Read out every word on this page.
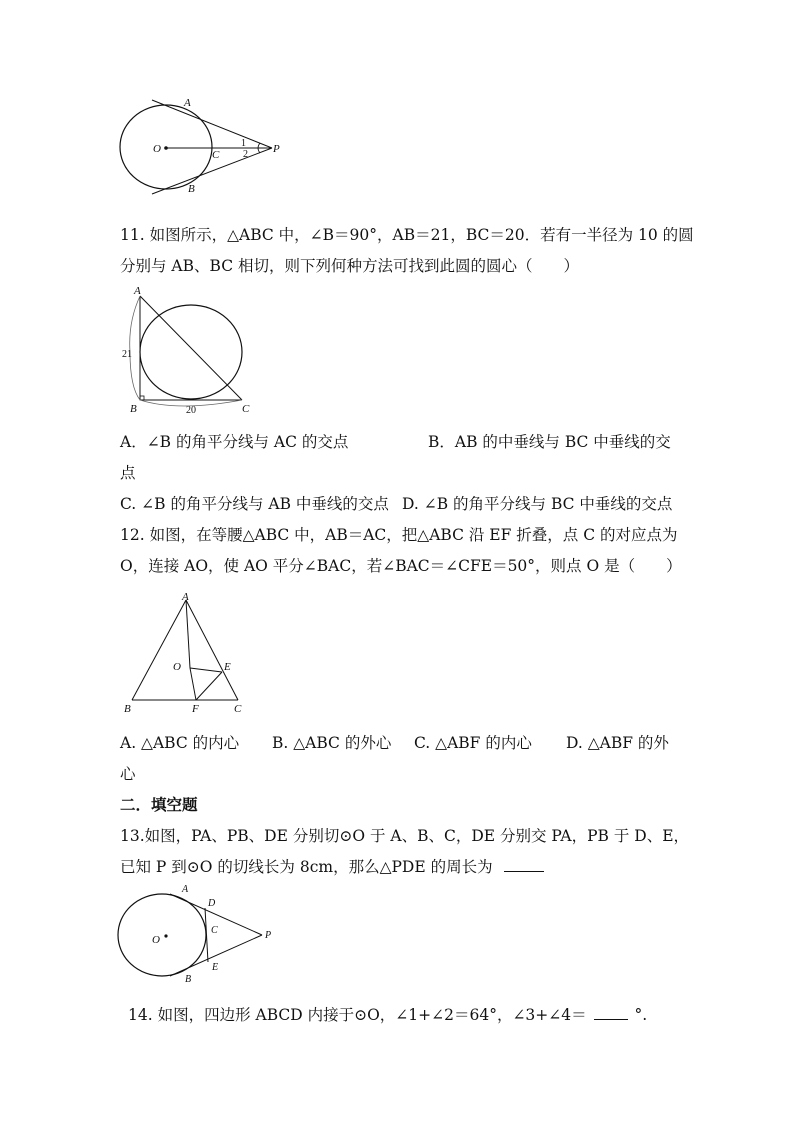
A
O	C	P
B
1
2
11. 如图所示，△ABC 中，∠B＝90°，AB＝21，BC＝20．若有一半径为 10 的圆
分别与 AB、BC 相切，则下列何种方法可找到此圆的圆心（　　）
A
B	C
21
20
A．∠B 的角平分线与 AC 的交点	B．AB 的中垂线与 BC 中垂线的交
点
C. ∠B 的角平分线与 AB 中垂线的交点 D. ∠B 的角平分线与 BC 中垂线的交点
12. 如图，在等腰△ABC 中，AB＝AC，把△ABC 沿 EF 折叠，点 C 的对应点为
O，连接 AO，使 AO 平分∠BAC，若∠BAC＝∠CFE＝50°，则点 O 是（　　）
A
O	E
B	F	C
A. △ABC 的内心 B. △ABC 的外心 C. △ABF 的内心 D. △ABF 的外
心
二．填空题
13.如图，PA、PB、DE 分别切⊙O 于 A、B、C，DE 分别交 PA，PB 于 D、E，
已知 P 到⊙O 的切线长为 8cm，那么△PDE 的周长为
A
D
C
O	P
E
B
14. 如图，四边形 ABCD 内接于⊙O，∠1+∠2＝64°，∠3+∠4＝	°.
